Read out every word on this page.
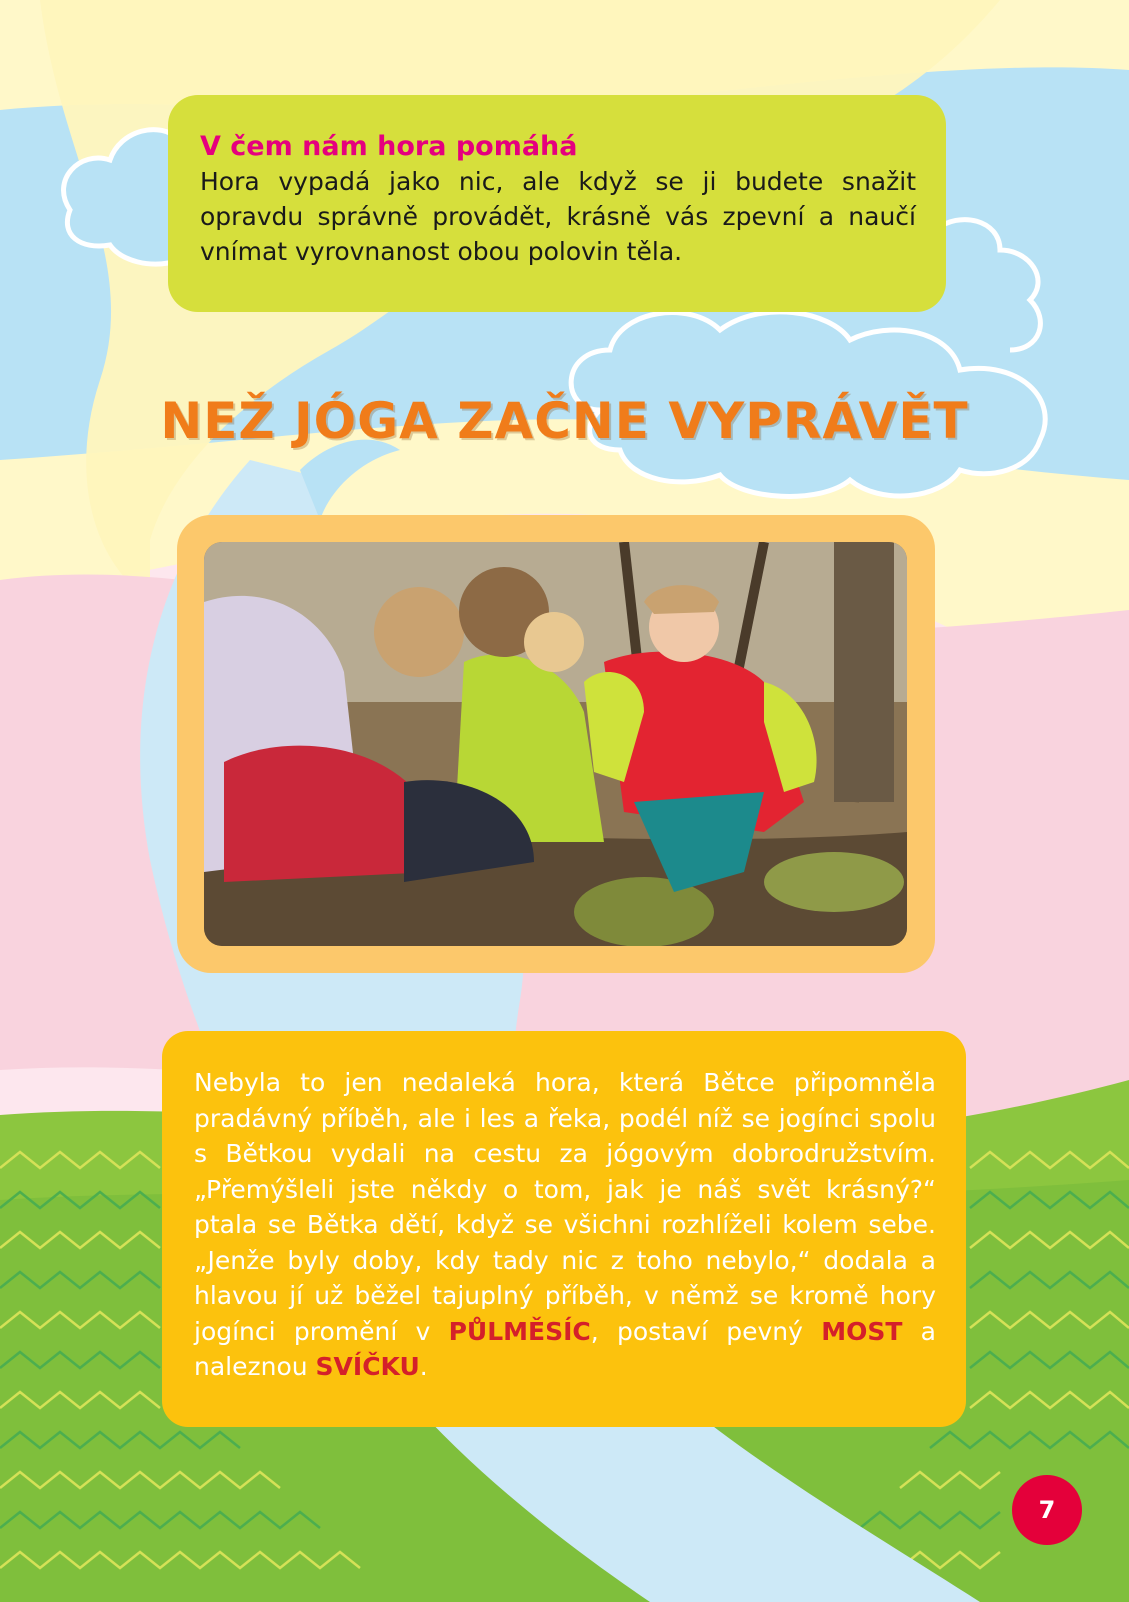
V čem nám hora pomáhá

Hora vypadá jako nic, ale když se ji budete snažit opravdu správně provádět, krásně vás zpevní a naučí vnímat vyrovnanost obou polovin těla.

NEŽ JÓGA ZAČNE VYPRÁVĚT

Nebyla to jen nedaleká hora, která Bětce připomněla pradávný příběh, ale i les a řeka, podél níž se jogínci spolu s Bětkou vydali na cestu za jógovým dobrodružstvím. „Přemýšleli jste někdy o tom, jak je náš svět krásný?“ ptala se Bětka dětí, když se všichni rozhlíželi kolem sebe. „Jenže byly doby, kdy tady nic z toho nebylo,“ dodala a hlavou jí už běžel tajuplný příběh, v němž se kromě hory jogínci promění v PŮLMĚSÍC, postaví pevný MOST a naleznou SVÍČKU.

7
